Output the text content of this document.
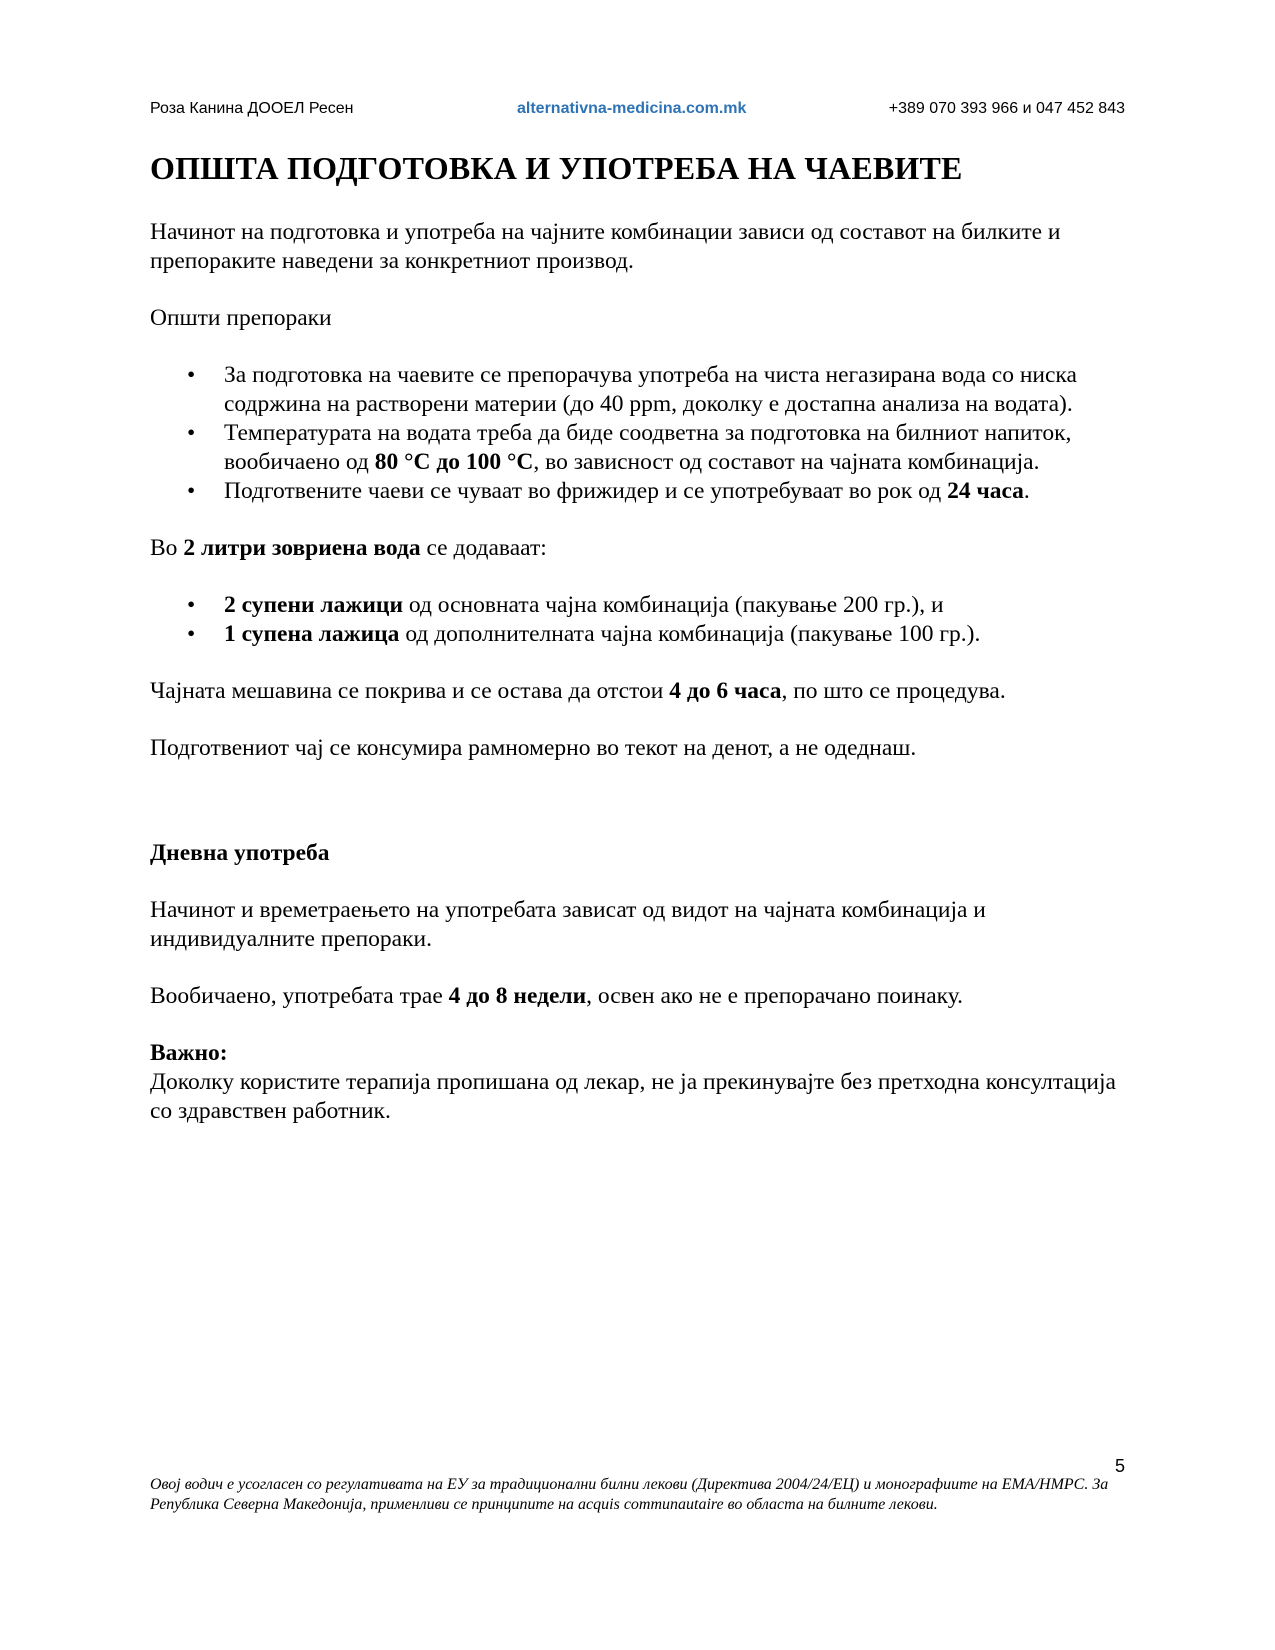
Роза Канина ДООЕЛ Ресен	alternativna-medicina.com.mk	+389 070 393 966 и 047 452 843
ОПШТА ПОДГОТОВКА И УПОТРЕБА НА ЧАЕВИТЕ

Начинот на подготовка и употреба на чајните комбинации зависи од составот на билките и препораките наведени за конкретниот производ.

Општи препораки

• За подготовка на чаевите се препорачува употреба на чиста негазирана вода со ниска содржина на растворени материи (до 40 ppm, доколку е достапна анализа на водата).
• Температурата на водата треба да биде соодветна за подготовка на билниот напиток, вообичаено од 80 °C до 100 °C, во зависност од составот на чајната комбинација.
• Подготвените чаеви се чуваат во фрижидер и се употребуваат во рок од 24 часа.

Во 2 литри зовриена вода се додаваат:

• 2 супени лажици од основната чајна комбинација (пакување 200 гр.), и
• 1 супена лажица од дополнителната чајна комбинација (пакување 100 гр.).

Чајната мешавина се покрива и се остава да отстои 4 до 6 часа, по што се процедува.

Подготвениот чај се консумира рамномерно во текот на денот, а не одеднаш.

Дневна употреба

Начинот и времетраењето на употребата зависат од видот на чајната комбинација и индивидуалните препораки.

Вообичаено, употребата трае 4 до 8 недели, освен ако не е препорачано поинаку.

Важно:

Доколку користите терапија пропишана од лекар, не ја прекинувајте без претходна консултација со здравствен работник.

5

Овој водич е усогласен со регулативата на ЕУ за традиционални билни лекови (Директива 2004/24/ЕЦ) и монографиите на EMA/HMPC. За Република Северна Македонија, применливи се принципите на acquis communautaire во областа на билните лекови.
